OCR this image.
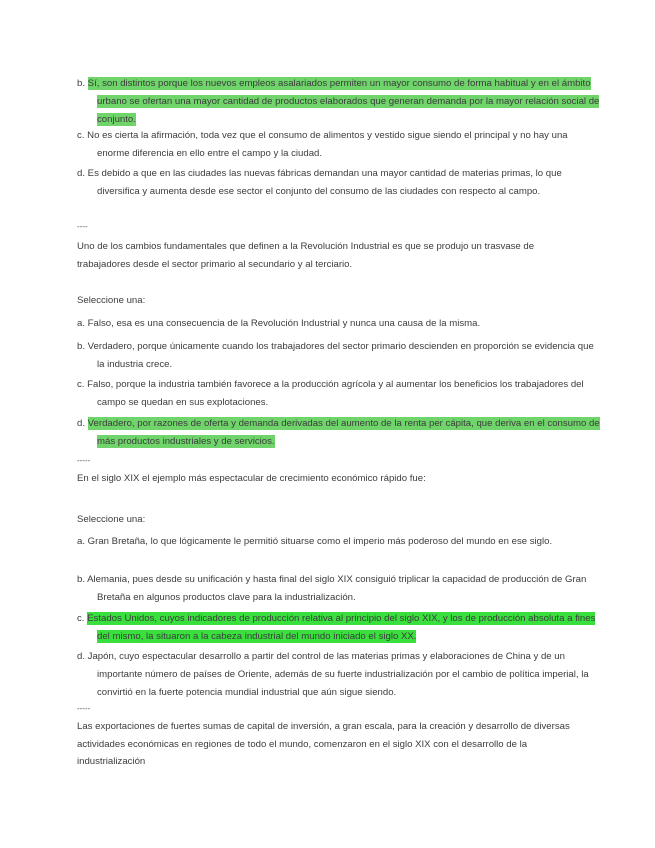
b. Sí, son distintos porque los nuevos empleos asalariados permiten un mayor consumo de forma habitual y en el ámbito urbano se ofertan una mayor cantidad de productos elaborados que generan demanda por la mayor relación social de conjunto.
c. No es cierta la afirmación, toda vez que el consumo de alimentos y vestido sigue siendo el principal y no hay una enorme diferencia en ello entre el campo y la ciudad.
d. Es debido a que en las ciudades las nuevas fábricas demandan una mayor cantidad de materias primas, lo que diversifica y aumenta desde ese sector el conjunto del consumo de las ciudades con respecto al campo.
----
Uno de los cambios fundamentales que definen a la Revolución Industrial es que se produjo un trasvase de trabajadores desde el sector primario al secundario y al terciario.
Seleccione una:
a. Falso, esa es una consecuencia de la Revolución Industrial y nunca una causa de la misma.
b. Verdadero, porque únicamente cuando los trabajadores del sector primario descienden en proporción se evidencia que la industria crece.
c. Falso, porque la industria también favorece a la producción agrícola y al aumentar los beneficios los trabajadores del campo se quedan en sus explotaciones.
d. Verdadero, por razones de oferta y demanda derivadas del aumento de la renta per cápita, que deriva en el consumo de más productos industriales y de servicios.
-----
En el siglo XIX el ejemplo más espectacular de crecimiento económico rápido fue:
Seleccione una:
a. Gran Bretaña, lo que lógicamente le permitió situarse como el imperio más poderoso del mundo en ese siglo.
b. Alemania, pues desde su unificación y hasta final del siglo XIX consiguió triplicar la capacidad de producción de Gran Bretaña en algunos productos clave para la industrialización.
c. Estados Unidos, cuyos indicadores de producción relativa al principio del siglo XIX, y los de producción absoluta a fines del mismo, la situaron a la cabeza industrial del mundo iniciado el siglo XX.
d. Japón, cuyo espectacular desarrollo a partir del control de las materias primas y elaboraciones de China y de un importante número de países de Oriente, además de su fuerte industrialización por el cambio de política imperial, la convirtió en la fuerte potencia mundial industrial que aún sigue siendo.
-----
Las exportaciones de fuertes sumas de capital de inversión, a gran escala, para la creación y desarrollo de diversas actividades económicas en regiones de todo el mundo, comenzaron en el siglo XIX con el desarrollo de la industrialización
